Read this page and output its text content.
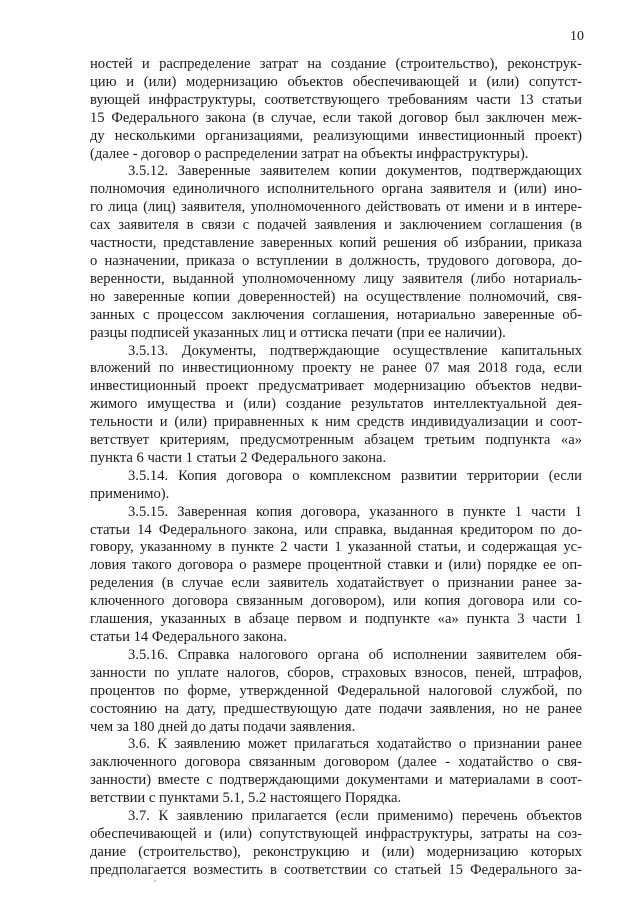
10

ностей и распределение затрат на создание (строительство), реконструк-
цию и (или) модернизацию объектов обеспечивающей и (или) сопутст-
вующей инфраструктуры, соответствующего требованиям части 13 статьи
15 Федерального закона (в случае, если такой договор был заключен меж-
ду несколькими организациями, реализующими инвестиционный проект)
(далее - договор о распределении затрат на объекты инфраструктуры).

3.5.12. Заверенные заявителем копии документов, подтверждающих
полномочия единоличного исполнительного органа заявителя и (или) ино-
го лица (лиц) заявителя, уполномоченного действовать от имени и в интере-
сах заявителя в связи с подачей заявления и заключением соглашения (в
частности, представление заверенных копий решения об избрании, приказа
о назначении, приказа о вступлении в должность, трудового договора, до-
веренности, выданной уполномоченному лицу заявителя (либо нотариаль-
но заверенные копии доверенностей) на осуществление полномочий, свя-
занных с процессом заключения соглашения, нотариально заверенные об-
разцы подписей указанных лиц и оттиска печати (при ее наличии).

3.5.13. Документы, подтверждающие осуществление капитальных
вложений по инвестиционному проекту не ранее 07 мая 2018 года, если
инвестиционный проект предусматривает модернизацию объектов недви-
жимого имущества и (или) создание результатов интеллектуальной дея-
тельности и (или) приравненных к ним средств индивидуализации и соот-
ветствует критериям, предусмотренным абзацем третьим подпункта «а»
пункта 6 части 1 статьи 2 Федерального закона.

3.5.14. Копия договора о комплексном развитии территории (если
применимо).

3.5.15. Заверенная копия договора, указанного в пункте 1 части 1
статьи 14 Федерального закона, или справка, выданная кредитором по до-
говору, указанному в пункте 2 части 1 указанной статьи, и содержащая ус-
ловия такого договора о размере процентной ставки и (или) порядке ее оп-
ределения (в случае если заявитель ходатайствует о признании ранее за-
ключенного договора связанным договором), или копия договора или со-
глашения, указанных в абзаце первом и подпункте «а» пункта 3 части 1
статьи 14 Федерального закона.

3.5.16. Справка налогового органа об исполнении заявителем обя-
занности по уплате налогов, сборов, страховых взносов, пеней, штрафов,
процентов по форме, утвержденной Федеральной налоговой службой, по
состоянию на дату, предшествующую дате подачи заявления, но не ранее
чем за 180 дней до даты подачи заявления.

3.6. К заявлению может прилагаться ходатайство о признании ранее
заключенного договора связанным договором (далее - ходатайство о свя-
занности) вместе с подтверждающими документами и материалами в соот-
ветствии с пунктами 5.1, 5.2 настоящего Порядка.

3.7. К заявлению прилагается (если применимо) перечень объектов
обеспечивающей и (или) сопутствующей инфраструктуры, затраты на соз-
дание (строительство), реконструкцию и (или) модернизацию которых
предполагается возместить в соответствии со статьей 15 Федерального за-
